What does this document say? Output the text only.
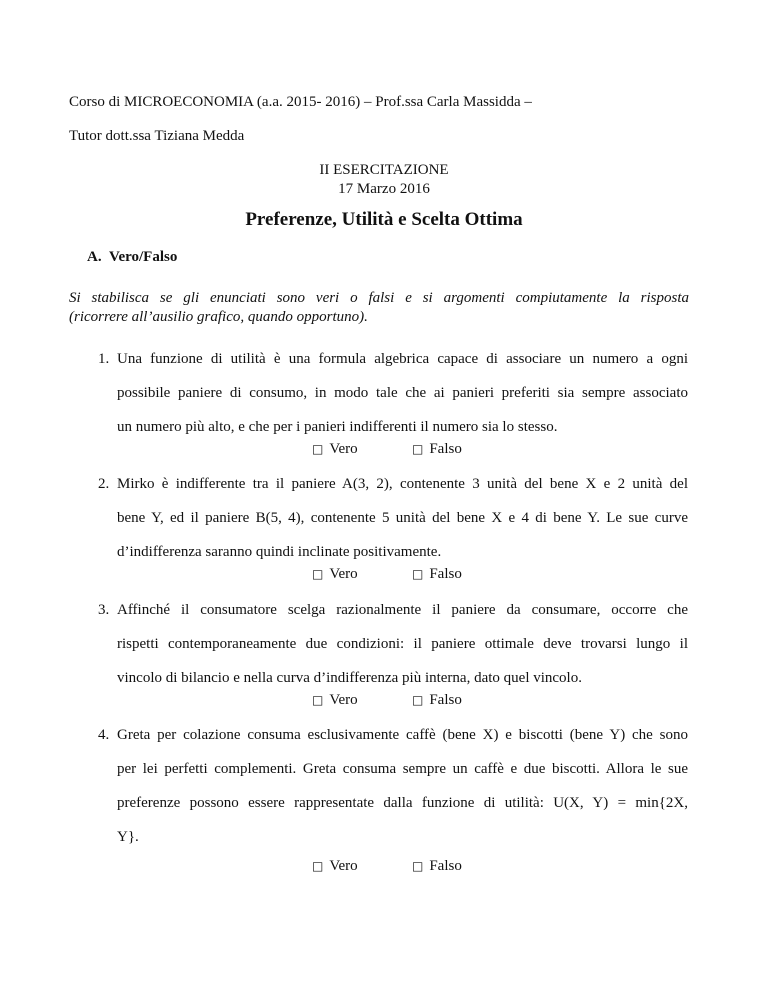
Corso di MICROECONOMIA (a.a. 2015- 2016) – Prof.ssa Carla Massidda –
Tutor dott.ssa Tiziana Medda
II ESERCITAZIONE
17 Marzo 2016
Preferenze, Utilità e Scelta Ottima
A. Vero/Falso
Si stabilisca se gli enunciati sono veri o falsi e si argomenti compiutamente la risposta
(ricorrere all’ausilio grafico, quando opportuno).
1. Una funzione di utilità è una formula algebrica capace di associare un numero a ogni
possibile paniere di consumo, in modo tale che ai panieri preferiti sia sempre associato
un numero più alto, e che per i panieri indifferenti il numero sia lo stesso.
□ Vero	□ Falso
2. Mirko è indifferente tra il paniere A(3, 2), contenente 3 unità del bene X e 2 unità del
bene Y, ed il paniere B(5, 4), contenente 5 unità del bene X e 4 di bene Y. Le sue curve
d’indifferenza saranno quindi inclinate positivamente.
□ Vero	□ Falso
3. Affinché il consumatore scelga razionalmente il paniere da consumare, occorre che
rispetti contemporaneamente due condizioni: il paniere ottimale deve trovarsi lungo il
vincolo di bilancio e nella curva d’indifferenza più interna, dato quel vincolo.
□ Vero	□ Falso
4. Greta per colazione consuma esclusivamente caffè (bene X) e biscotti (bene Y) che sono
per lei perfetti complementi. Greta consuma sempre un caffè e due biscotti. Allora le sue
preferenze possono essere rappresentate dalla funzione di utilità: U(X, Y) = min{2X,
Y}.
□ Vero	□ Falso
